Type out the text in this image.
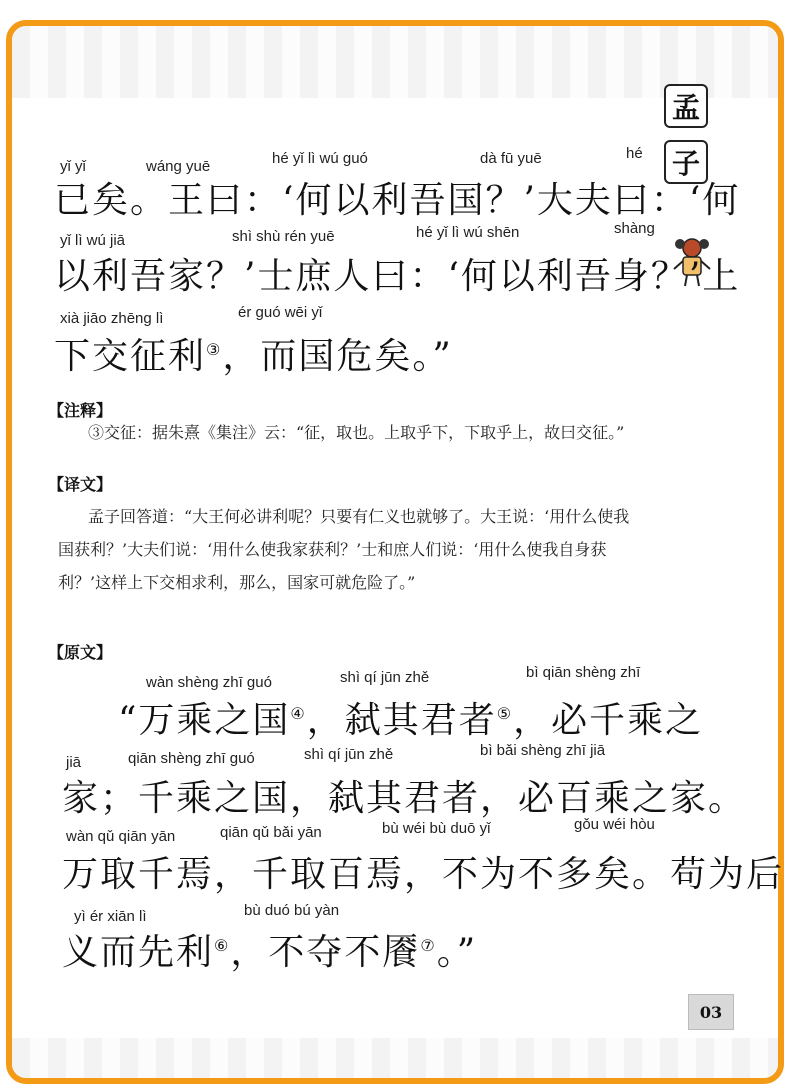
孟
子
yǐ yǐ	wáng yuē	hé yǐ lì wú guó	dà fū yuē	hé
已矣。王曰：‘何以利吾国？’大夫曰：‘何
yǐ lì wú jiā	shì shù rén yuē	hé yǐ lì wú shēn	shàng
以利吾家？’士庶人曰：‘何以利吾身？’上
xià jiāo zhēng lì	ér guó wēi yǐ
下交征利③，而国危矣。”
【注释】
③交征：据朱熹《集注》云：“征，取也。上取乎下，下取乎上，故曰交征。”
【译文】
孟子回答道：“大王何必讲利呢？只要有仁义也就够了。大王说：‘用什么使我
国获利？’大夫们说：‘用什么使我家获利？’士和庶人们说：‘用什么使我自身获
利？’这样上下交相求利，那么，国家可就危险了。”
【原文】
wàn shèng zhī guó	shì qí jūn zhě	bì qiān shèng zhī
“万乘之国④，弑其君者⑤，必千乘之
jiā	qiān shèng zhī guó	shì qí jūn zhě	bì bǎi shèng zhī jiā
家；千乘之国，弑其君者，必百乘之家。
wàn qǔ qiān yān	qiān qǔ bǎi yān	bù wéi bù duō yǐ	gǒu wéi hòu
万取千焉，千取百焉，不为不多矣。苟为后
yì ér xiān lì	bù duó bú yàn
义而先利⑥，不夺不餍⑦。”
03
